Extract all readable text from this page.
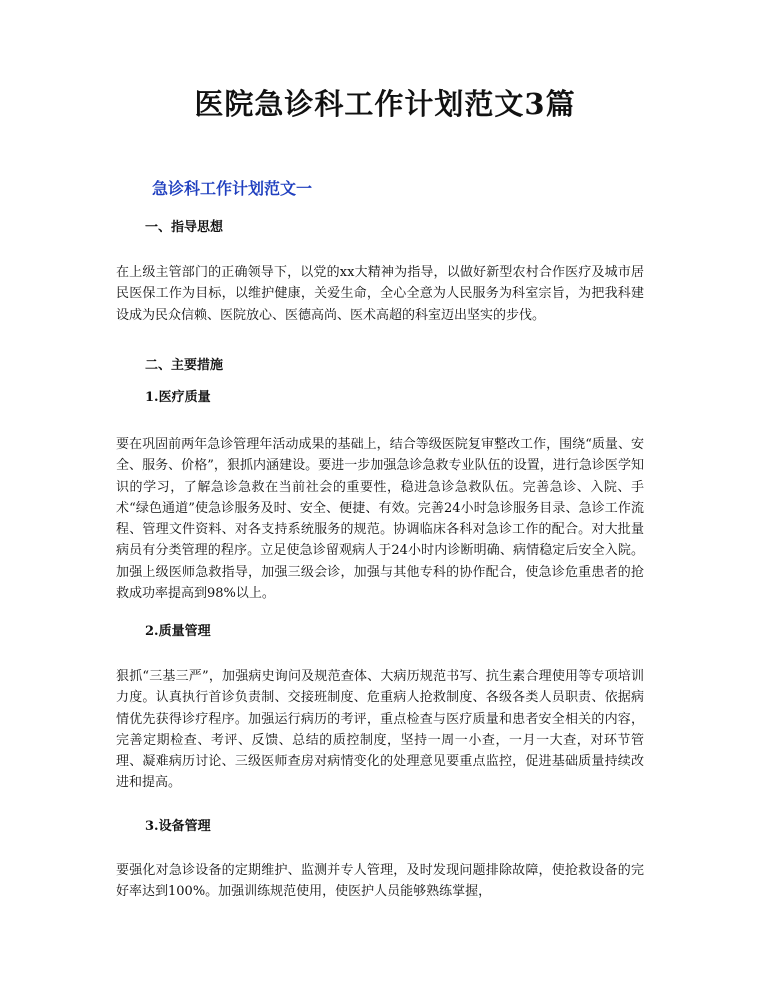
医院急诊科工作计划范文3篇
急诊科工作计划范文一
一、指导思想

在上级主管部门的正确领导下，以党的xx大精神为指导，以做好新型农村合作医疗及城市居民医保工作为目标，以维护健康，关爱生命，全心全意为人民服务为科室宗旨，为把我科建设成为民众信赖、医院放心、医德高尚、医术高超的科室迈出坚实的步伐。

二、主要措施
1.医疗质量

要在巩固前两年急诊管理年活动成果的基础上，结合等级医院复审整改工作，围绕“质量、安全、服务、价格”，狠抓内涵建设。要进一步加强急诊急救专业队伍的设置，进行急诊医学知识的学习，了解急诊急救在当前社会的重要性，稳进急诊急救队伍。完善急诊、入院、手术“绿色通道”使急诊服务及时、安全、便捷、有效。完善24小时急诊服务目录、急诊工作流程、管理文件资料、对各支持系统服务的规范。协调临床各科对急诊工作的配合。对大批量病员有分类管理的程序。立足使急诊留观病人于24小时内诊断明确、病情稳定后安全入院。加强上级医师急救指导，加强三级会诊，加强与其他专科的协作配合，使急诊危重患者的抢救成功率提高到98%以上。

2.质量管理

狠抓“三基三严”，加强病史询问及规范查体、大病历规范书写、抗生素合理使用等专项培训力度。认真执行首诊负责制、交接班制度、危重病人抢救制度、各级各类人员职责、依据病情优先获得诊疗程序。加强运行病历的考评，重点检查与医疗质量和患者安全相关的内容，完善定期检查、考评、反馈、总结的质控制度，坚持一周一小查，一月一大查，对环节管理、凝难病历讨论、三级医师查房对病情变化的处理意见要重点监控，促进基础质量持续改进和提高。

3.设备管理

要强化对急诊设备的定期维护、监测并专人管理，及时发现问题排除故障，使抢救设备的完好率达到100%。加强训练规范使用，使医护人员能够熟练掌握，
